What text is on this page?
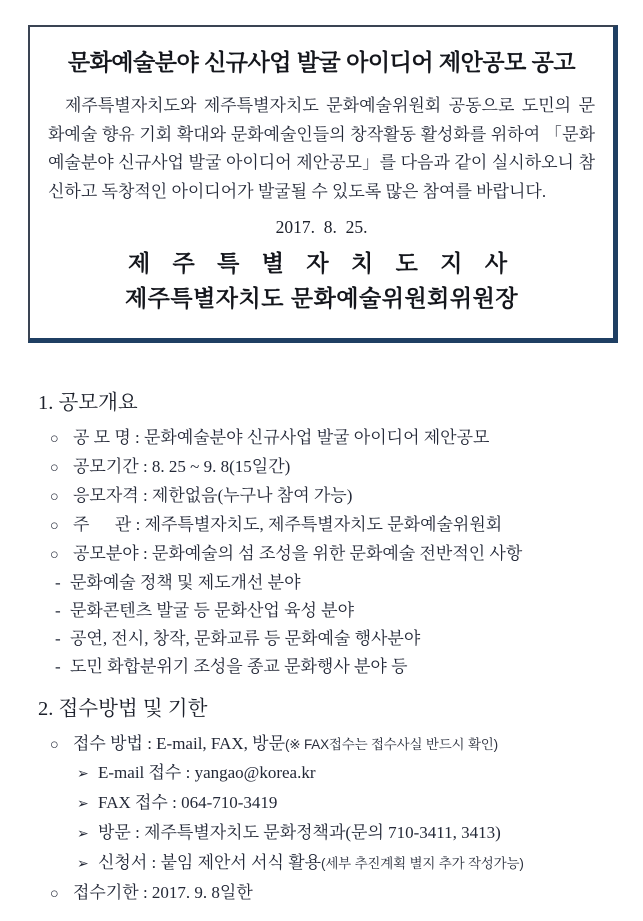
문화예술분야 신규사업 발굴 아이디어 제안공모 공고

제주특별자치도와 제주특별자치도 문화예술위원회 공동으로 도민의 문화예술 향유 기회 확대와 문화예술인들의 창작활동 활성화를 위하여 「문화예술분야 신규사업 발굴 아이디어 제안공모」를 다음과 같이 실시하오니 참신하고 독창적인 아이디어가 발굴될 수 있도록 많은 참여를 바랍니다.

2017.  8.  25.
제 주 특 별 자 치 도 지 사
제주특별자치도 문화예술위원회위원장
1. 공모개요
○ 공 모 명 : 문화예술분야 신규사업 발굴 아이디어 제안공모
○ 공모기간 : 8. 25 ~ 9. 8(15일간)
○ 응모자격 : 제한없음(누구나 참여 가능)
○ 주      관 : 제주특별자치도, 제주특별자치도 문화예술위원회
○ 공모분야 : 문화예술의 섬 조성을 위한 문화예술 전반적인 사항
- 문화예술 정책 및 제도개선 분야
- 문화콘텐츠 발굴 등 문화산업 육성 분야
- 공연, 전시, 창작, 문화교류 등 문화예술 행사분야
- 도민 화합분위기 조성을 종교 문화행사 분야 등
2. 접수방법 및 기한
○ 접수 방법 : E-mail, FAX, 방문(※ FAX접수는 접수사실 반드시 확인)
➢ E-mail 접수 : yangao@korea.kr
➢ FAX 접수 : 064-710-3419
➢ 방문 : 제주특별자치도 문화정책과(문의 710-3411, 3413)
➢ 신청서 : 붙임 제안서 서식 활용(세부 추진계획 별지 추가 작성가능)
○ 접수기한 : 2017. 9. 8일한
